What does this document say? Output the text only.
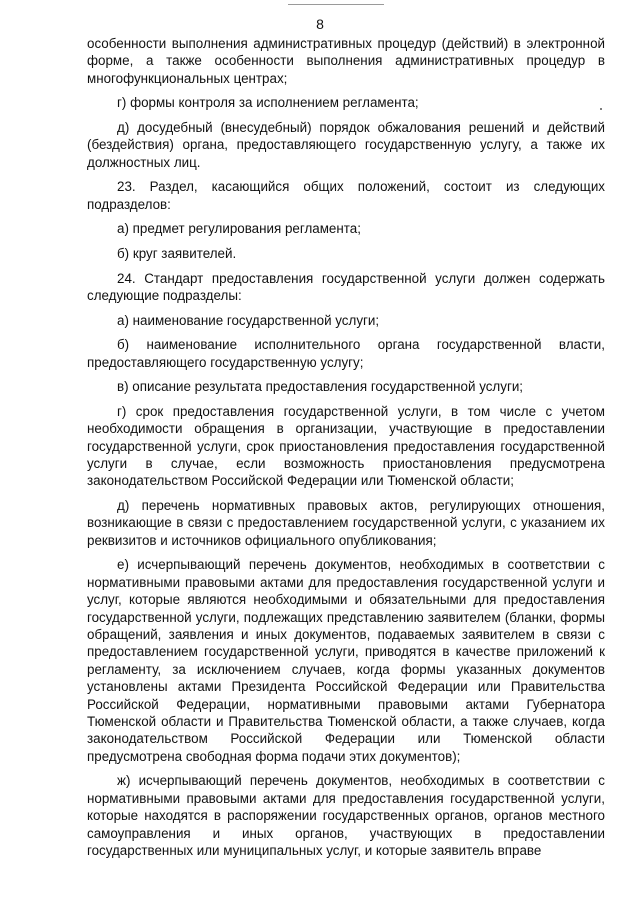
8

особенности выполнения административных процедур (действий) в электронной форме, а также особенности выполнения административных процедур в многофункциональных центрах;

г) формы контроля за исполнением регламента;

д) досудебный (внесудебный) порядок обжалования решений и действий (бездействия) органа, предоставляющего государственную услугу, а также их должностных лиц.

23. Раздел, касающийся общих положений, состоит из следующих подразделов:

а) предмет регулирования регламента;

б) круг заявителей.

24. Стандарт предоставления государственной услуги должен содержать следующие подразделы:

а) наименование государственной услуги;

б) наименование исполнительного органа государственной власти, предоставляющего государственную услугу;

в) описание результата предоставления государственной услуги;

г) срок предоставления государственной услуги, в том числе с учетом необходимости обращения в организации, участвующие в предоставлении государственной услуги, срок приостановления предоставления государственной услуги в случае, если возможность приостановления предусмотрена законодательством Российской Федерации или Тюменской области;

д) перечень нормативных правовых актов, регулирующих отношения, возникающие в связи с предоставлением государственной услуги, с указанием их реквизитов и источников официального опубликования;

е) исчерпывающий перечень документов, необходимых в соответствии с нормативными правовыми актами для предоставления государственной услуги и услуг, которые являются необходимыми и обязательными для предоставления государственной услуги, подлежащих представлению заявителем (бланки, формы обращений, заявления и иных документов, подаваемых заявителем в связи с предоставлением государственной услуги, приводятся в качестве приложений к регламенту, за исключением случаев, когда формы указанных документов установлены актами Президента Российской Федерации или Правительства Российской Федерации, нормативными правовыми актами Губернатора Тюменской области и Правительства Тюменской области, а также случаев, когда законодательством Российской Федерации или Тюменской области предусмотрена свободная форма подачи этих документов);

ж) исчерпывающий перечень документов, необходимых в соответствии с нормативными правовыми актами для предоставления государственной услуги, которые находятся в распоряжении государственных органов, органов местного самоуправления и иных органов, участвующих в предоставлении государственных или муниципальных услуг, и которые заявитель вправе
